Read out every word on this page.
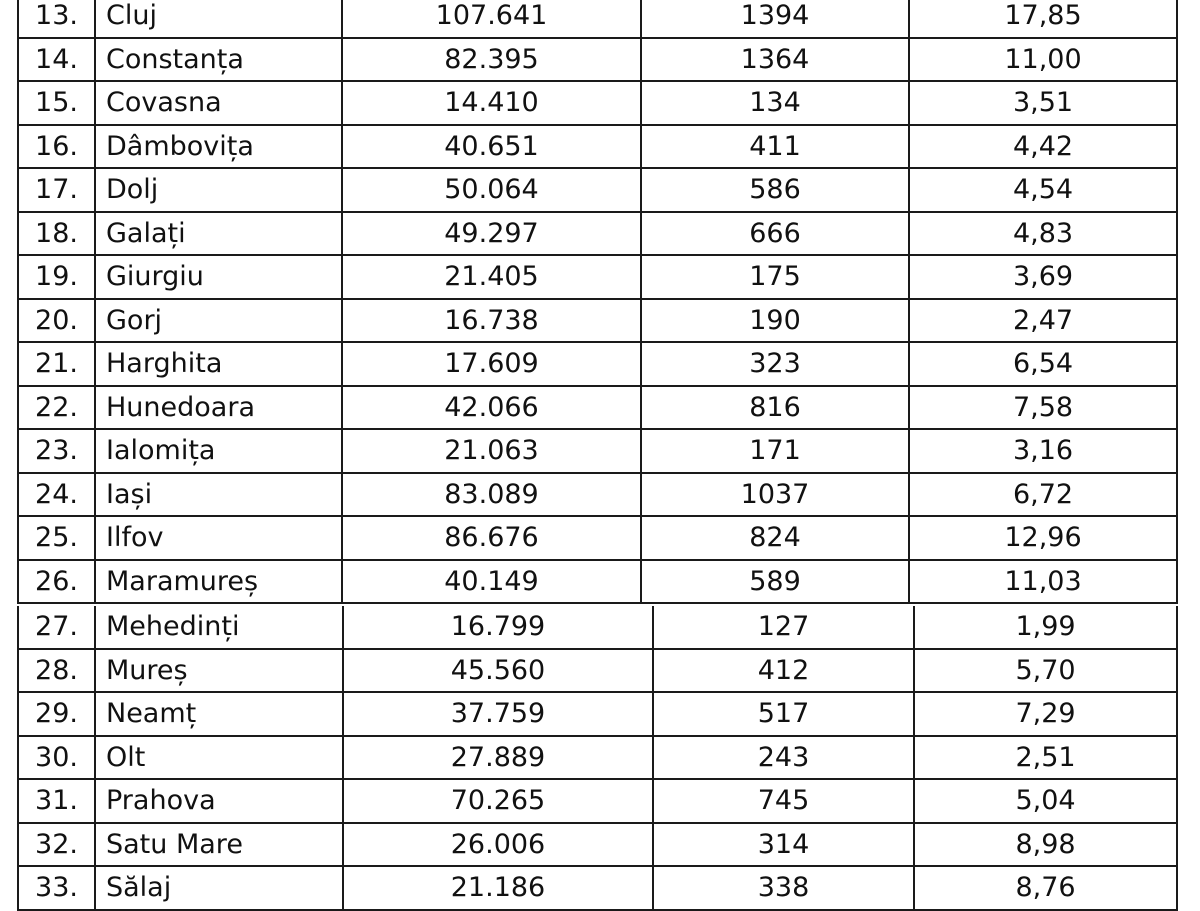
13.	Cluj	107.641	1394	17,85
14.	Constanța	82.395	1364	11,00
15.	Covasna	14.410	134	3,51
16.	Dâmbovița	40.651	411	4,42
17.	Dolj	50.064	586	4,54
18.	Galați	49.297	666	4,83
19.	Giurgiu	21.405	175	3,69
20.	Gorj	16.738	190	2,47
21.	Harghita	17.609	323	6,54
22.	Hunedoara	42.066	816	7,58
23.	Ialomița	21.063	171	3,16
24.	Iași	83.089	1037	6,72
25.	Ilfov	86.676	824	12,96
26.	Maramureș	40.149	589	11,03
27.	Mehedinți	16.799	127	1,99
28.	Mureș	45.560	412	5,70
29.	Neamț	37.759	517	7,29
30.	Olt	27.889	243	2,51
31.	Prahova	70.265	745	5,04
32.	Satu Mare	26.006	314	8,98
33.	Sălaj	21.186	338	8,76
